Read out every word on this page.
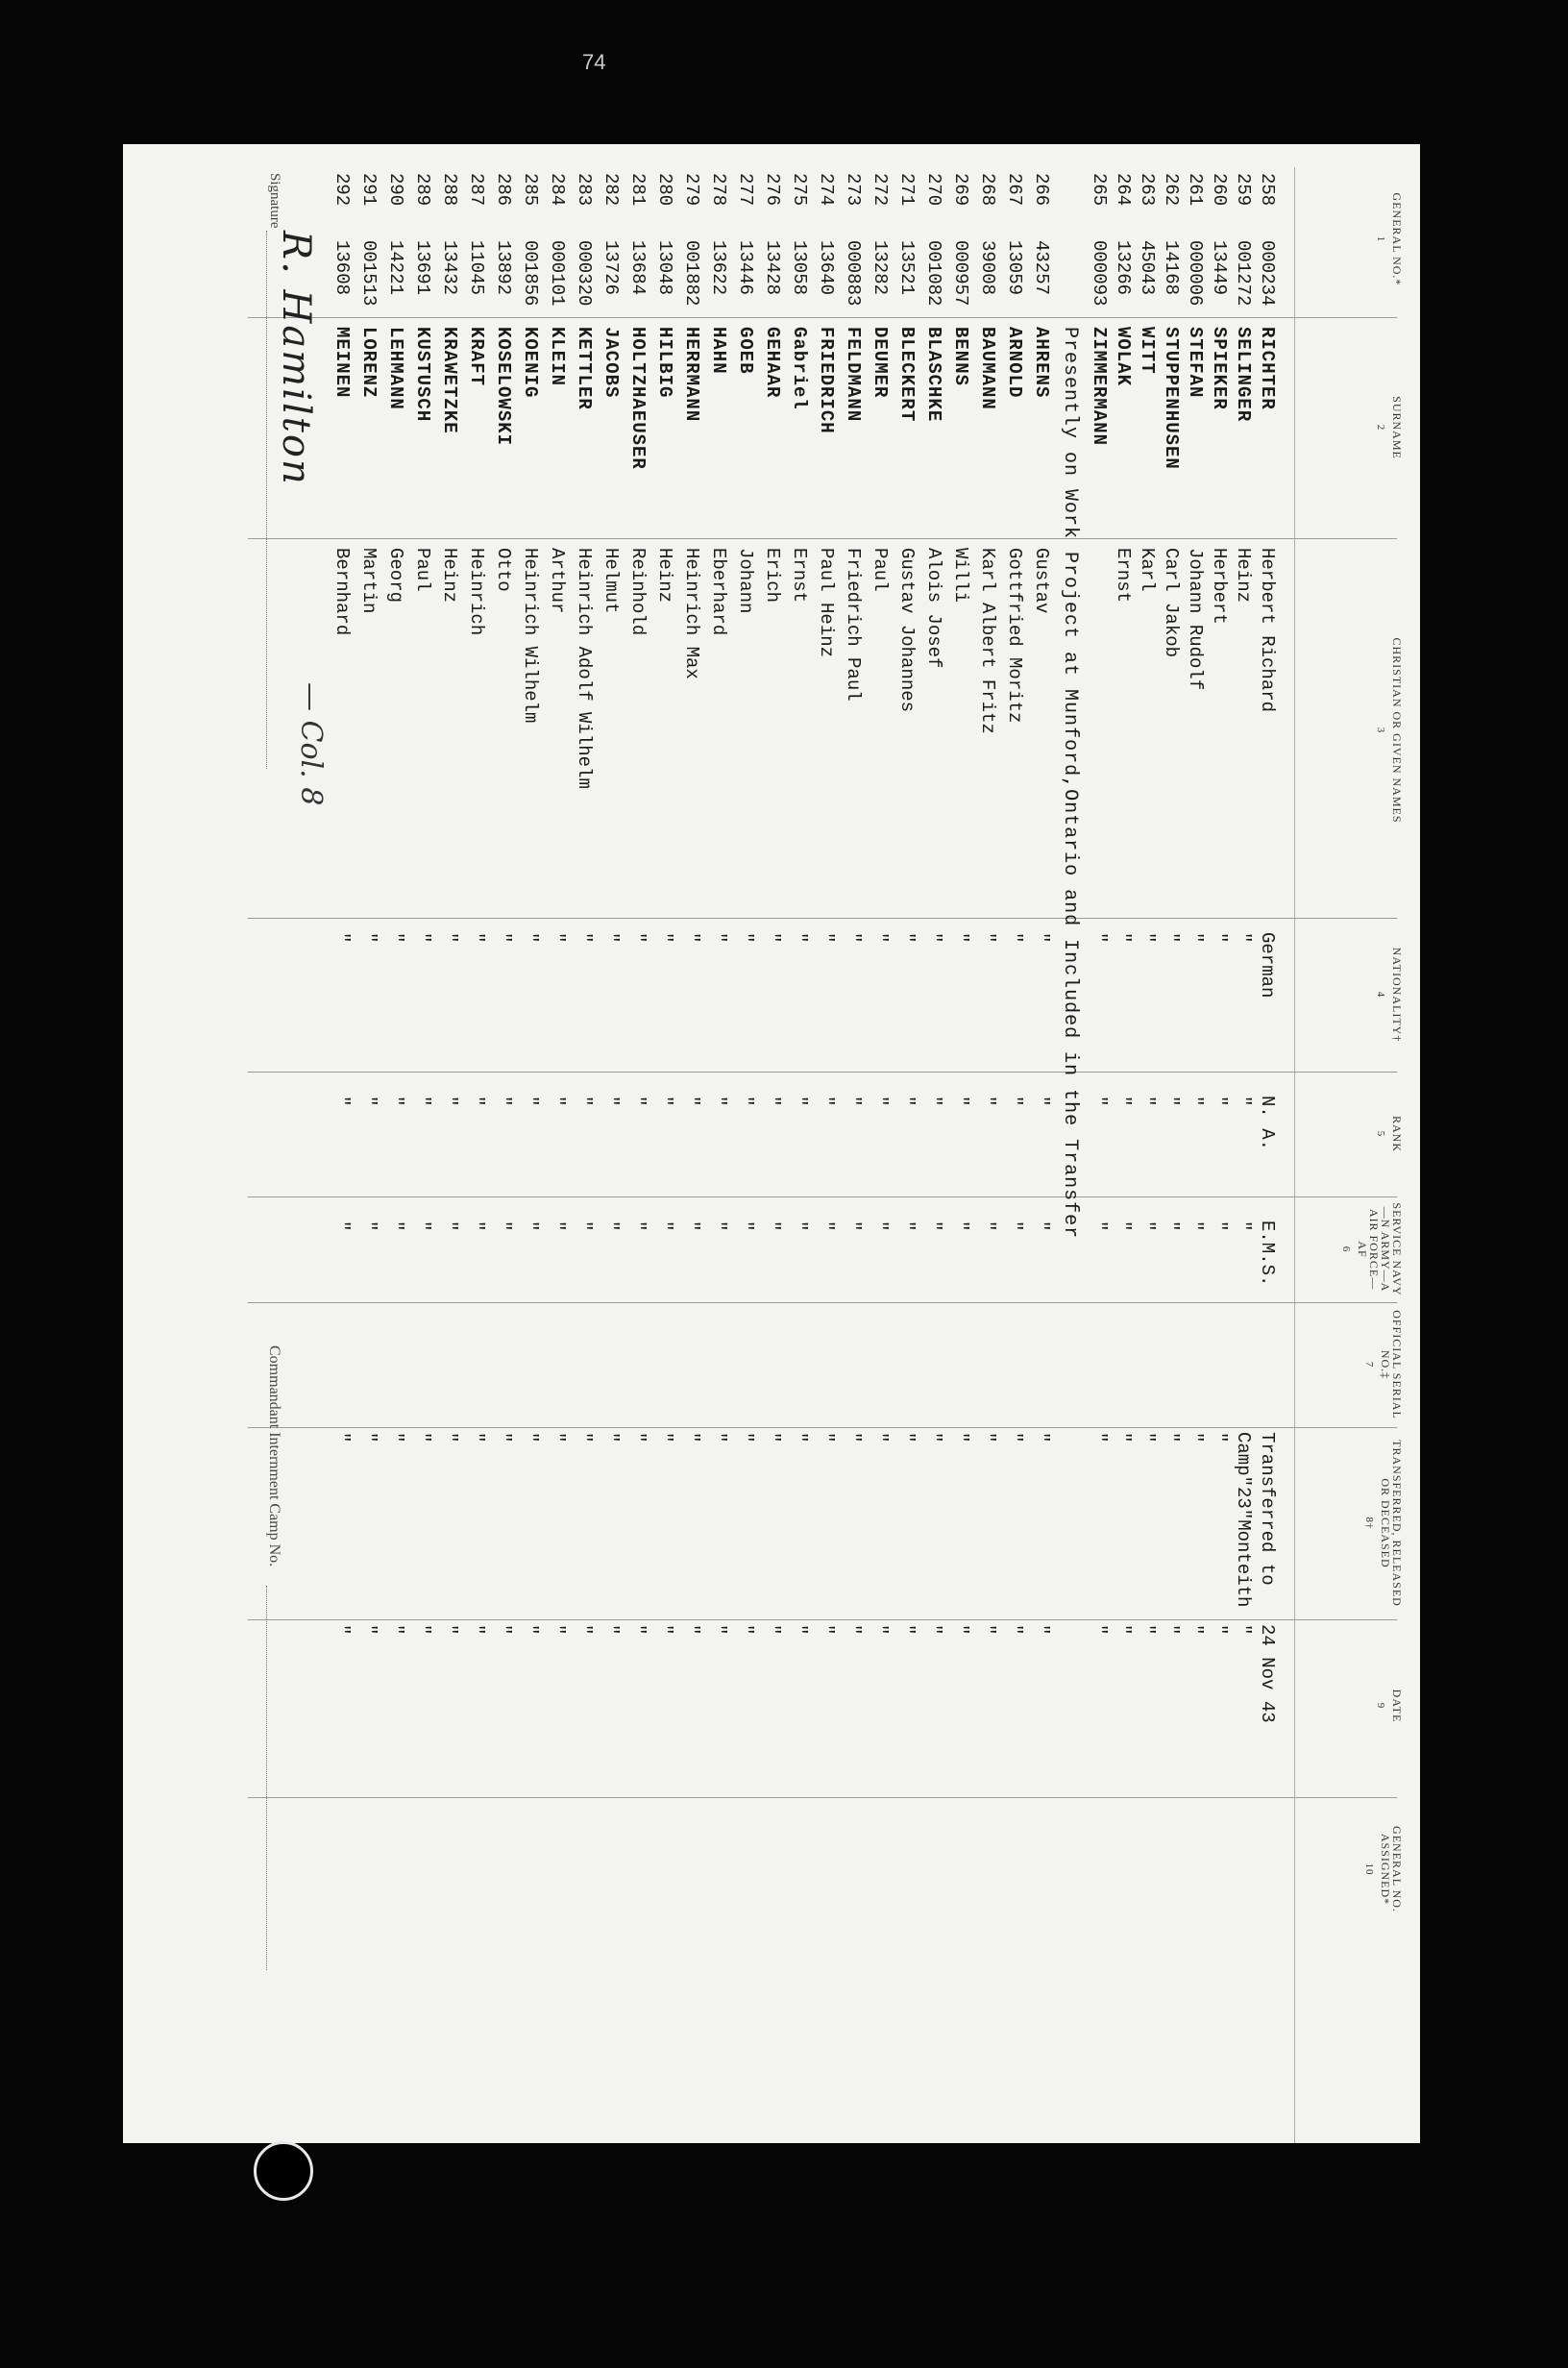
74
GENERAL NO.*
1
SURNAME
2
CHRISTIAN OR GIVEN NAMES
3
NATIONALITY†
4
RANK
5
SERVICE NAVY—N ARMY—A AIR FORCE—AF
6
OFFICIAL SERIAL NO.‡
7
TRANSFERRED, RELEASED OR DECEASED
8†
DATE
9
GENERAL NO. ASSIGNED*
10
258
000234
RICHTER
Herbert Richard
German
N. A.
E.M.S.
Transferred to
24 Nov 43
259
001272
SELINGER
Heinz
"
"
"
Camp"23"Monteith
"
260
13449
SPIEKER
Herbert
"
"
"
"
"
261
000006
STEFAN
Johann Rudolf
"
"
"
"
"
262
14168
STUPPENHUSEN
Carl Jakob
"
"
"
"
"
263
45043
WITT
Karl
"
"
"
"
"
264
13266
WOLAK
Ernst
"
"
"
"
"
265
000093
ZIMMERMANN
"
"
"
"
"
Presently on Work Project at Munford,Ontario and Included in the Transfer
266
43257
AHRENS
Gustav
"
"
"
"
"
267
13059
ARNOLD
Gottfried Moritz
"
"
"
"
"
268
39008
BAUMANN
Karl Albert Fritz
"
"
"
"
"
269
000957
BENNS
Willi
"
"
"
"
"
270
001082
BLASCHKE
Alois Josef
"
"
"
"
"
271
13521
BLECKERT
Gustav Johannes
"
"
"
"
"
272
13282
DEUMER
Paul
"
"
"
"
"
273
000883
FELDMANN
Friedrich Paul
"
"
"
"
"
274
13640
FRIEDRICH
Paul Heinz
"
"
"
"
"
275
13058
Gabriel
Ernst
"
"
"
"
"
276
13428
GEHAAR
Erich
"
"
"
"
"
277
13446
GOEB
Johann
"
"
"
"
"
278
13622
HAHN
Eberhard
"
"
"
"
"
279
001882
HERRMANN
Heinrich Max
"
"
"
"
"
280
13048
HILBIG
Heinz
"
"
"
"
"
281
13684
HOLTZHAEUSER
Reinhold
"
"
"
"
"
282
13726
JACOBS
Helmut
"
"
"
"
"
283
000320
KETTLER
Heinrich Adolf Wilhelm
"
"
"
"
"
284
000101
KLEIN
Arthur
"
"
"
"
"
285
001856
KOENIG
Heinrich Wilhelm
"
"
"
"
"
286
13892
KOSELOWSKI
Otto
"
"
"
"
"
287
11045
KRAFT
Heinrich
"
"
"
"
"
288
13432
KRAWETZKE
Heinz
"
"
"
"
"
289
13691
KUSTUSCH
Paul
"
"
"
"
"
290
14221
LEHMANN
Georg
"
"
"
"
"
291
001513
LORENZ
Martin
"
"
"
"
"
292
13608
MEINEN
Bernhard
"
"
"
"
"
Signature
R. Hamilton
— Col. 8
Commandant Internment Camp No.
